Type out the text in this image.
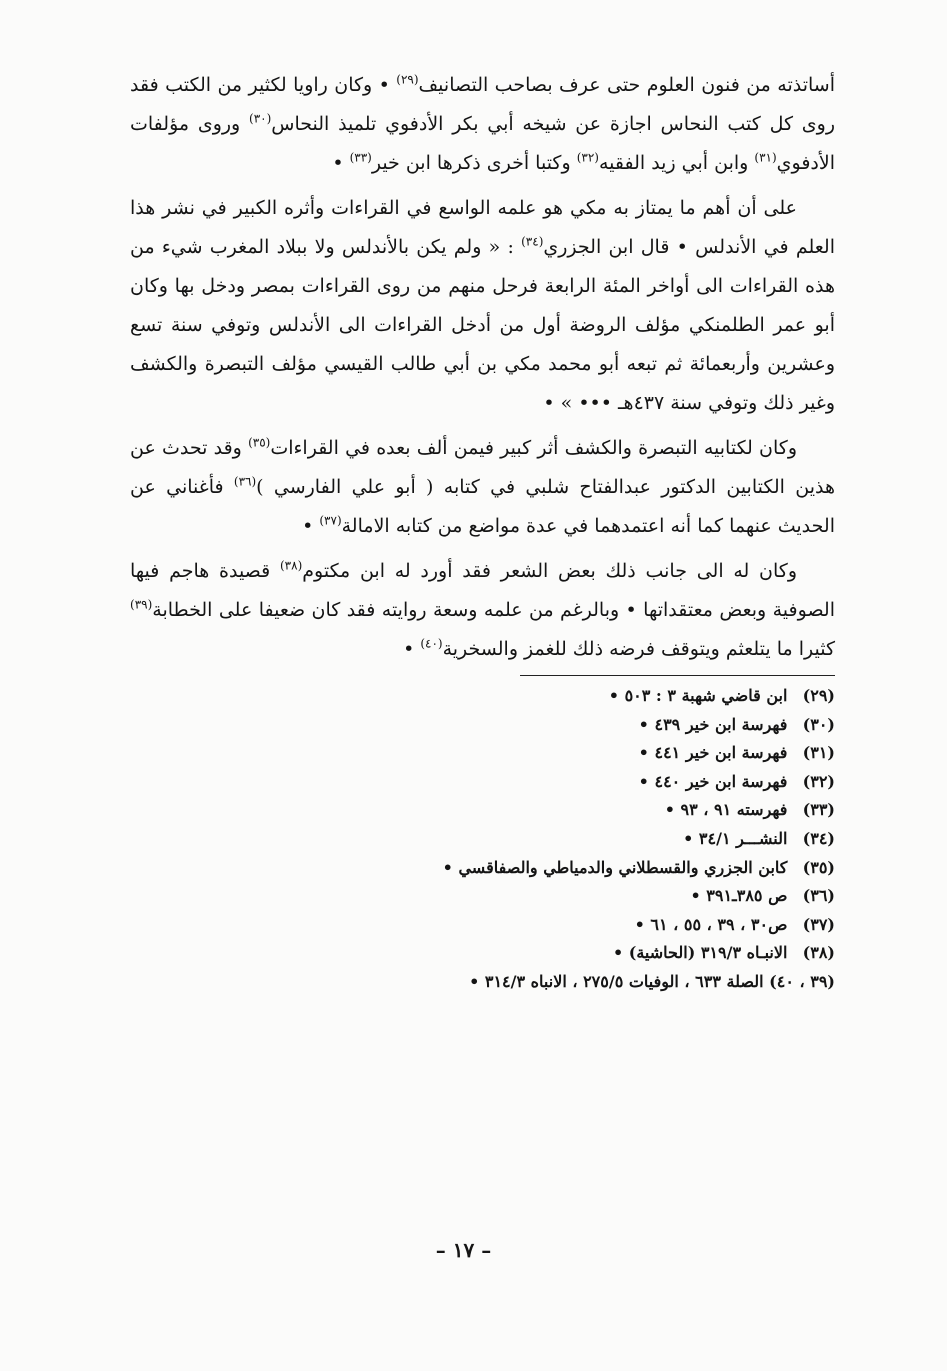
أساتذته من فنون العلوم حتى عرف بصاحب التصانيف$^{(٢٩)}$ • وكان راويا لكثير من الكتب فقد روى كل كتب النحاس اجازة عن شيخه أبي بكر الأدفوي تلميذ النحاس$^{(٣٠)}$ وروى مؤلفات الأدفوي$^{(٣١)}$ وابن أبي زيد الفقيه$^{(٣٢)}$ وكتبا أخرى ذكرها ابن خير$^{(٣٣)}$ •

على أن أهم ما يمتاز به مكي هو علمه الواسع في القراءات وأثره الكبير في نشر هذا العلم في الأندلس • قال ابن الجزري$^{(٣٤)}$ : « ولم يكن بالأندلس ولا ببلاد المغرب شيء من هذه القراءات الى أواخر المئة الرابعة فرحل منهم من روى القراءات بمصر ودخل بها وكان أبو عمر الطلمنكي مؤلف الروضة أول من أدخل القراءات الى الأندلس وتوفي سنة تسع وعشرين وأربعمائة ثم تبعه أبو محمد مكي بن أبي طالب القيسي مؤلف التبصرة والكشف وغير ذلك وتوفي سنة ٤٣٧هـ ••• » •

وكان لكتابيه التبصرة والكشف أثر كبير فيمن ألف بعده في القراءات$^{(٣٥)}$ وقد تحدث عن هذين الكتابين الدكتور عبدالفتاح شلبي في كتابه ( أبو علي الفارسي )$^{(٣٦)}$ فأغناني عن الحديث عنهما كما أنه اعتمدهما في عدة مواضع من كتابه الامالة$^{(٣٧)}$ •

وكان له الى جانب ذلك بعض الشعر فقد أورد له ابن مكتوم$^{(٣٨)}$ قصيدة هاجم فيها الصوفية وبعض معتقداتها • وبالرغم من علمه وسعة روايته فقد كان ضعيفا على الخطابة$^{(٣٩)}$ كثيرا ما يتلعثم ويتوقف فرضه ذلك للغمز والسخرية$^{(٤٠)}$ •

(٢٩) ابن قاضي شهبة ٣ : ٥٠٣ •
(٣٠) فهرسة ابن خير ٤٣٩ •
(٣١) فهرسة ابن خير ٤٤١ •
(٣٢) فهرسة ابن خير ٤٤٠ •
(٣٣) فهرسته ٩١ ، ٩٣ •
(٣٤) النشـــر ٣٤/١ •
(٣٥) كابن الجزري والقسطلاني والدمياطي والصفاقسي •
(٣٦) ص ٣٨٥ـ٣٩١ •
(٣٧) ص٣٠ ، ٣٩ ، ٥٥ ، ٦١ •
(٣٨) الانبـاه ٣١٩/٣ (الحاشية) •
(٣٩ ، ٤٠) الصلة ٦٣٣ ، الوفيات ٢٧٥/٥ ، الانباه ٣١٤/٣ •
– ١٧ –
